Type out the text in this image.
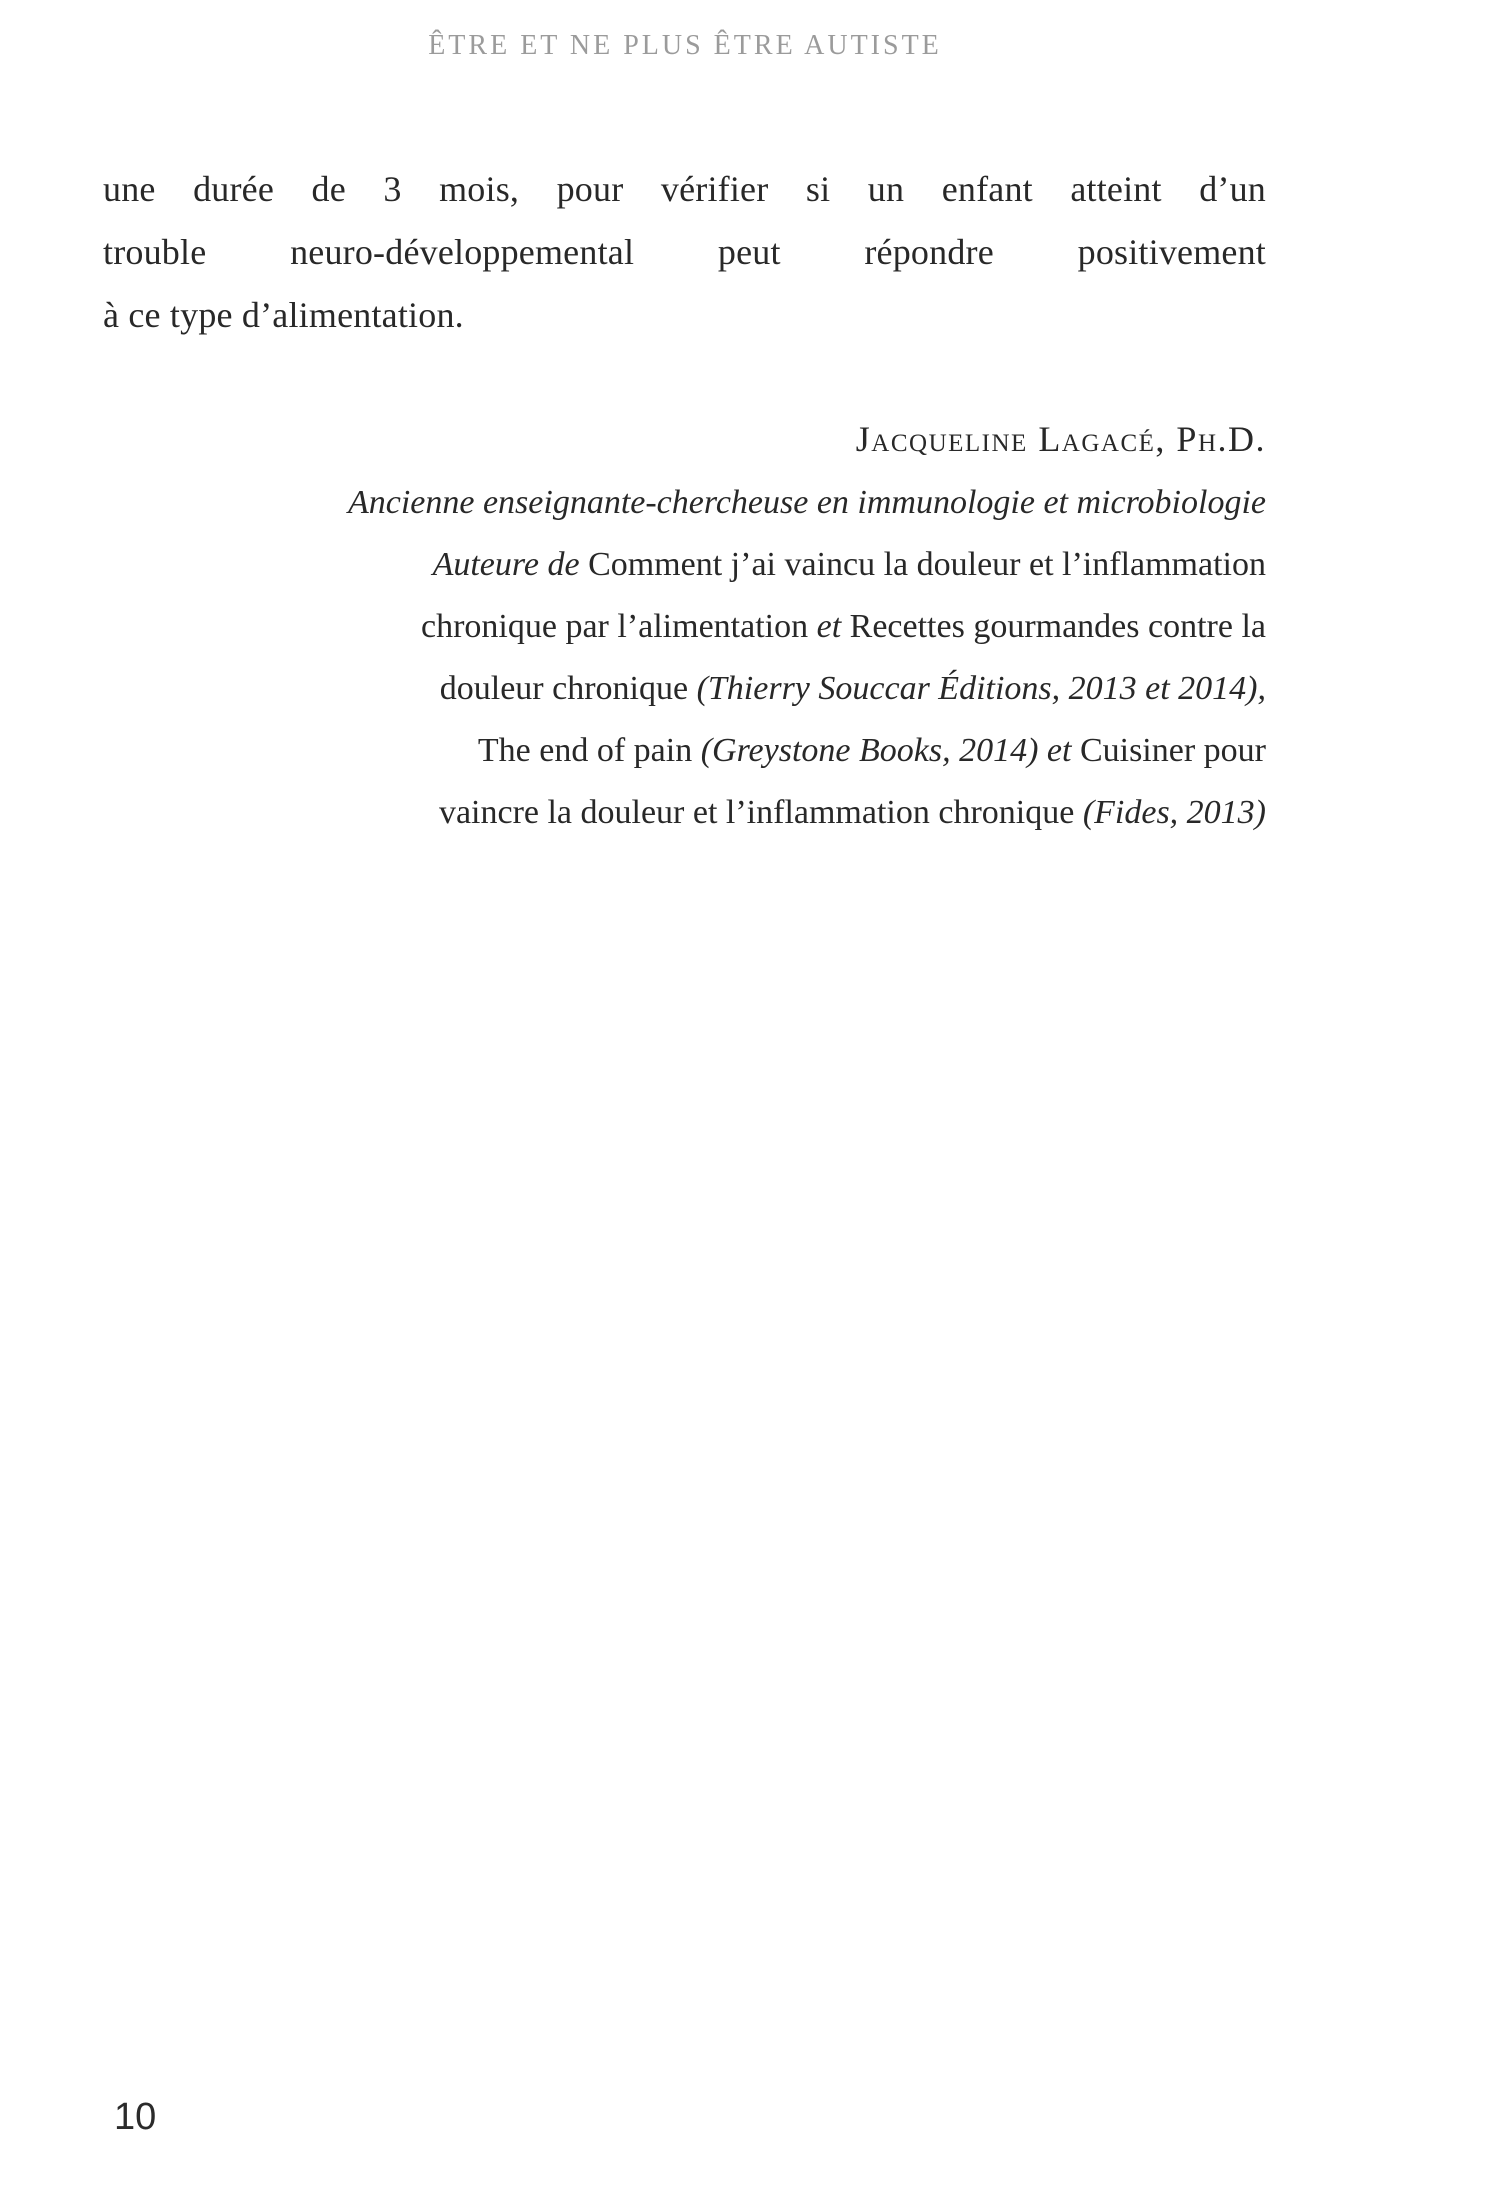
ÊTRE ET NE PLUS ÊTRE AUTISTE
une durée de 3 mois, pour vérifier si un enfant atteint d’un
trouble neuro-développemental peut répondre positivement
à ce type d’alimentation.
Jacqueline Lagacé, Ph.D.
Ancienne enseignante-chercheuse en immunologie et microbiologie
Auteure de Comment j’ai vaincu la douleur et l’inflammation
chronique par l’alimentation et Recettes gourmandes contre la
douleur chronique (Thierry Souccar Éditions, 2013 et 2014),
The end of pain (Greystone Books, 2014) et Cuisiner pour
vaincre la douleur et l’inflammation chronique (Fides, 2013)
10
